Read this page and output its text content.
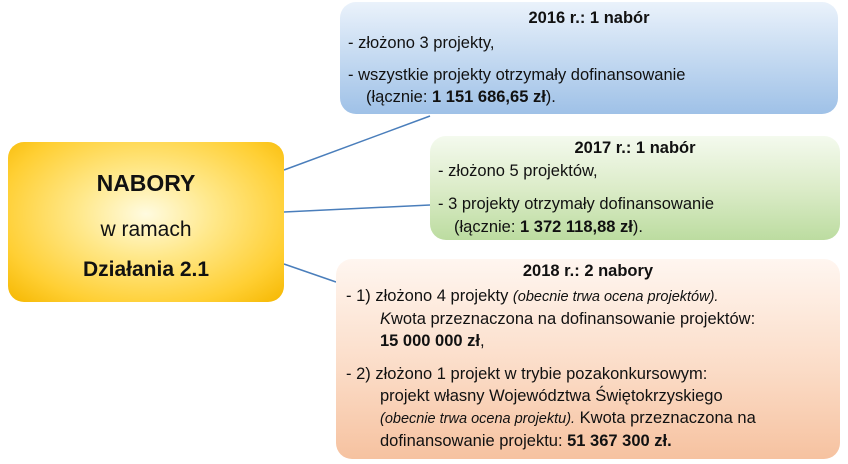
NABORY
w ramach
Działania 2.1
2016 r.: 1 nabór
- złożono 3 projekty,
- wszystkie projekty otrzymały dofinansowanie
(łącznie: 1 151 686,65 zł).
2017 r.: 1 nabór
- złożono 5 projektów,
- 3 projekty otrzymały dofinansowanie
(łącznie: 1 372 118,88 zł).
2018 r.: 2 nabory
- 1) złożono 4 projekty (obecnie trwa ocena projektów).
Kwota przeznaczona na dofinansowanie projektów:
15 000 000 zł,
- 2) złożono 1 projekt w trybie pozakonkursowym:
projekt własny Województwa Świętokrzyskiego
(obecnie trwa ocena projektu). Kwota przeznaczona na
dofinansowanie projektu: 51 367 300 zł.
